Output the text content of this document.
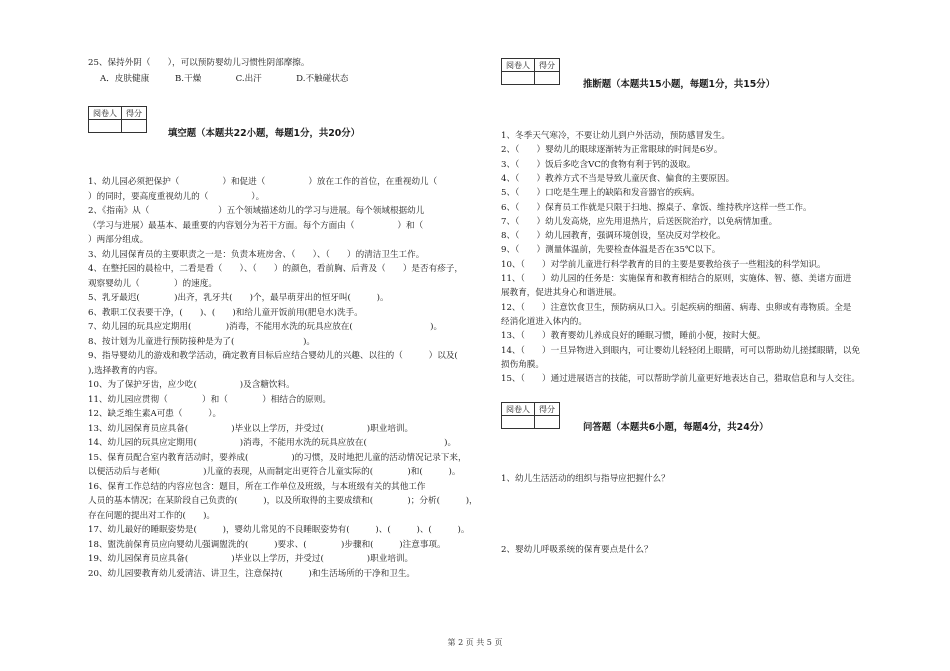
25、保持外阴（　　），可以预防婴幼儿习惯性阴部摩擦。
A．皮肤健康　　　B.干燥　　　　C.出汗　　　　D.不触碰状态
阅卷人	得分

填空题（本题共22小题，每题1分，共20分）
1、幼儿园必须把保护（　　　　　）和促进（　　　　　）放在工作的首位，在重视幼儿（
）的同时，要高度重视幼儿的（　　　　　）。
2、《指南》从（　　　　　　　　）五个领域描述幼儿的学习与进展。每个领域根据幼儿
（学习与进展）最基本、最重要的内容划分为若干方面。每个方面由（　　　　　）和（
）两部分组成。
3、幼儿园保育员的主要职责之一是：负责本班房舍、（　　）、（　　）的清洁卫生工作。
4、在整托园的晨检中，二看是看（　　）、（　　）的颜色，看前胸、后背及（　　）是否有疹子，
观察婴幼儿（　　　　）的速度。
5、乳牙最迟(　　　　)出齐，乳牙共(　　)个，最早萌芽出的恒牙叫(　　　)。
6、教职工仪表要干净，(　　)、(　　)和给儿童开饭前用(肥皂水)洗手。
7、幼儿园的玩具应定期用(　　　　)消毒，不能用水洗的玩具应放在(　　　　　　　　　)。
8、按计划为儿童进行预防接种是为了(　　　　　　　　)。
9、指导婴幼儿的游戏和教学活动，确定教育目标后应结合婴幼儿的兴趣、以往的（　　　）以及(
),选择教育的内容。
10、为了保护牙齿，应少吃(　　　　　)及含糖饮料。
11、幼儿园应贯彻（　　　　）和（　　　　）相结合的原则。
12、缺乏维生素A可患（　　　）。
13、幼儿园保育员应具备(　　　　　)毕业以上学历，并受过(　　　　　)职业培训。
14、幼儿园的玩具应定期用(　　　　　)消毒，不能用水洗的玩具应放在(　　　　　　　　　)。
15、保育员配合室内教育活动时，要养成(　　　　　)的习惯，及时地把儿童的活动情况记录下来，
以便活动后与老师(　　　　　)儿童的表现，从而制定出更符合儿童实际的(　　　　)和(　　　)。
16、保育工作总结的内容应包含：题目，所在工作单位及班级，与本班级有关的其他工作
人员的基本情况；在某阶段自己负责的(　　　)，以及所取得的主要成绩和(　　　　)；分析(　　　)，
存在问题的提出对工作的(　　)。
17、幼儿最好的睡眠姿势是(　　　)，婴幼儿常见的不良睡眠姿势有(　　　)、(　　　)、(　　　)。
18、盥洗前保育员应向婴幼儿强调盥洗的(　　　)要求、(　　　　)步骤和(　　　)注意事项。
19、幼儿园保育员应具备(　　　　　)毕业以上学历，并受过(　　　　　)职业培训。
20、幼儿园要教育幼儿爱清洁、讲卫生，注意保持(　　　)和生活场所的干净和卫生。
阅卷人	得分

推断题（本题共15小题，每题1分，共15分）
1、冬季天气寒冷，不要让幼儿到户外活动，预防感冒发生。
2、（　　）婴幼儿的眼球逐渐转为正常眼球的时间是6岁。
3、（　　）饭后多吃含VC的食物有利于钙的汲取。
4、（　　）教养方式不当是导致儿童厌食、偏食的主要原因。
5、（　　）口吃是生理上的缺陷和发音器官的疾病。
6、（　　）保育员工作就是只限于扫地、擦桌子、拿饭、维持秩序这样一些工作。
7、（　　）幼儿发高烧，应先用退热片，后送医院治疗，以免病情加重。
8、（　　）幼儿园教育，强调环境创设，坚决反对学校化。
9、（　　）测量体温前，先要检查体温是否在35℃以下。
10、（　　）对学前儿童进行科学教育的目的主要是要教给孩子一些粗浅的科学知识。
11、（　　）幼儿园的任务是：实施保育和教育相结合的原则，实施体、智、德、美诸方面进
展教育，促进其身心和谐进展。
12、（　　）注意饮食卫生，预防病从口入。引起疾病的细菌、病毒、虫卵或有毒物质。全是
经消化道进入体内的。
13、（　　）教育婴幼儿养成良好的睡眠习惯，睡前小便，按时大便。
14、（　　）一旦异物进入到眼内，可让婴幼儿轻轻闭上眼睛，可可以帮助幼儿搓揉眼睛，以免
损伤角膜。
15、（　　）通过进展语言的技能，可以帮助学前儿童更好地表达自己，猎取信息和与人交往。
阅卷人	得分

问答题（本题共6小题，每题4分，共24分）
1、幼儿生活活动的组织与指导应把握什么？
2、婴幼儿呼吸系统的保育要点是什么？
第 2 页 共 5 页
